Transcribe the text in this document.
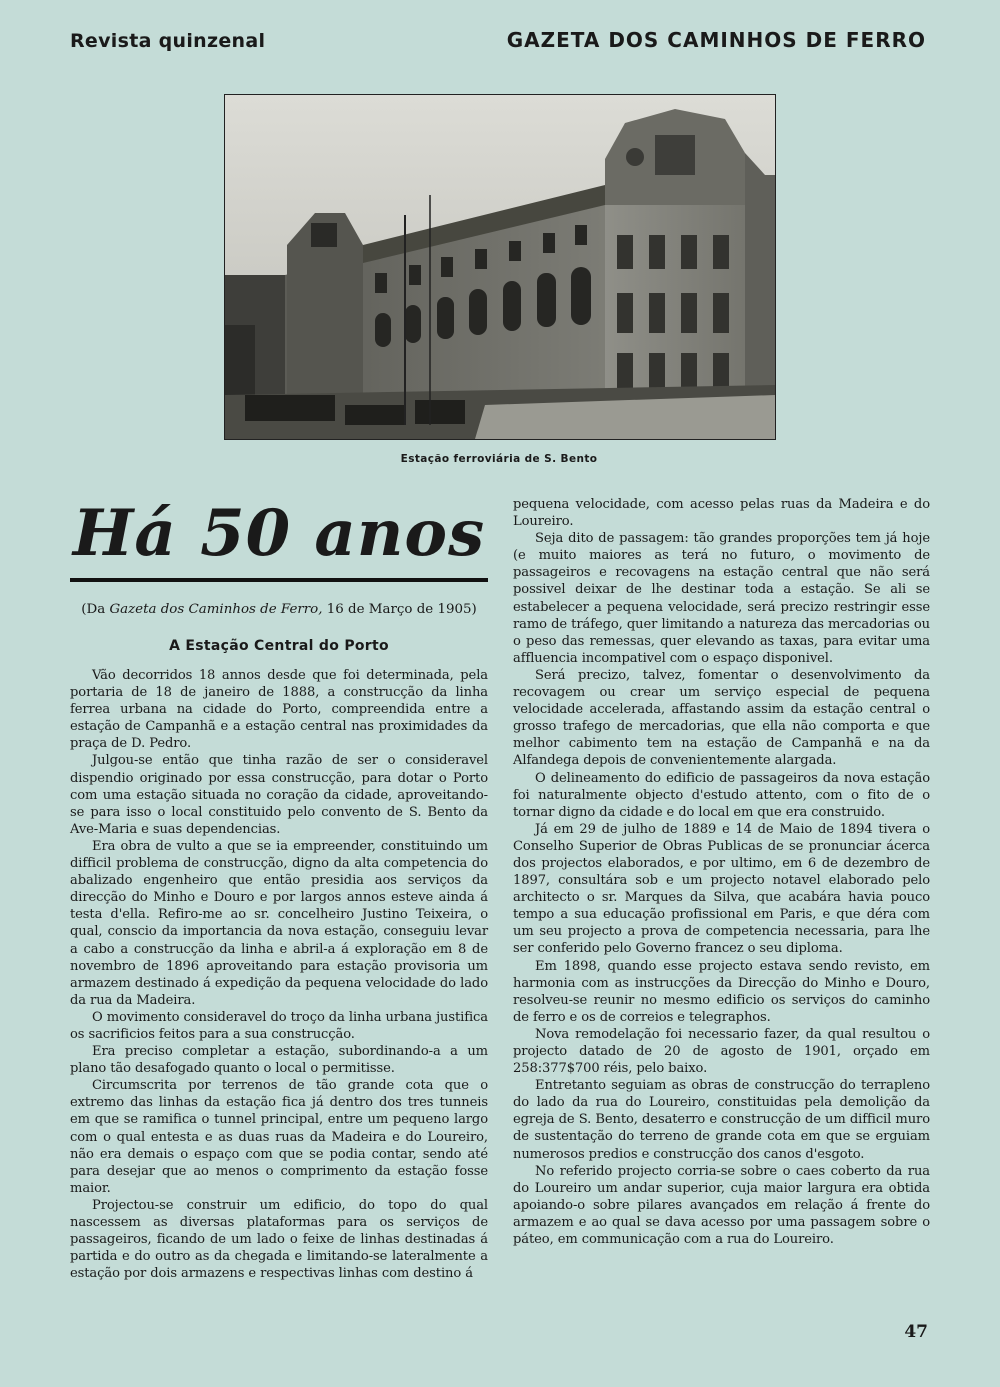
Revista quinzenal	GAZETA DOS CAMINHOS DE FERRO
Estação ferroviária de S. Bento
Há 50 anos
(Da Gazeta dos Caminhos de Ferro, 16 de Março de 1905)
A Estação Central do Porto

Vão decorridos 18 annos desde que foi determinada, pela portaria de 18 de janeiro de 1888, a construcção da linha ferrea urbana na cidade do Porto, compreendida entre a estação de Campanhã e a estação central nas proximidades da praça de D. Pedro.

Julgou-se então que tinha razão de ser o consideravel dispendio originado por essa construcção, para dotar o Porto com uma estação situada no coração da cidade, aproveitando-se para isso o local constituido pelo convento de S. Bento da Ave-Maria e suas dependencias.

Era obra de vulto a que se ia empreender, constituindo um difficil problema de construcção, digno da alta competencia do abalizado engenheiro que então presidia aos serviços da direcção do Minho e Douro e por largos annos esteve ainda á testa d'ella. Refiro-me ao sr. concelheiro Justino Teixeira, o qual, conscio da importancia da nova estação, conseguiu levar a cabo a construcção da linha e abril-a á exploração em 8 de novembro de 1896 aproveitando para estação provisoria um armazem destinado á expedição da pequena velocidade do lado da rua da Madeira.

O movimento consideravel do troço da linha urbana justifica os sacrificios feitos para a sua construcção.

Era preciso completar a estação, subordinando-a a um plano tão desafogado quanto o local o permitisse.

Circumscrita por terrenos de tão grande cota que o extremo das linhas da estação fica já dentro dos tres tunneis em que se ramifica o tunnel principal, entre um pequeno largo com o qual entesta e as duas ruas da Madeira e do Loureiro, não era demais o espaço com que se podia contar, sendo até para desejar que ao menos o comprimento da estação fosse maior.

Projectou-se construir um edificio, do topo do qual nascessem as diversas plataformas para os serviços de passageiros, ficando de um lado o feixe de linhas destinadas á partida e do outro as da chegada e limitando-se lateralmente a estação por dois armazens e respectivas linhas com destino á

pequena velocidade, com acesso pelas ruas da Madeira e do Loureiro.

Seja dito de passagem: tão grandes proporções tem já hoje (e muito maiores as terá no futuro, o movimento de passageiros e recovagens na estação central que não será possivel deixar de lhe destinar toda a estação. Se ali se estabelecer a pequena velocidade, será precizo restringir esse ramo de tráfego, quer limitando a natureza das mercadorias ou o peso das remessas, quer elevando as taxas, para evitar uma affluencia incompativel com o espaço disponivel.

Será precizo, talvez, fomentar o desenvolvimento da recovagem ou crear um serviço especial de pequena velocidade accelerada, affastando assim da estação central o grosso trafego de mercadorias, que ella não comporta e que melhor cabimento tem na estação de Campanhã e na da Alfandega depois de convenientemente alargada.

O delineamento do edificio de passageiros da nova estação foi naturalmente objecto d'estudo attento, com o fito de o tornar digno da cidade e do local em que era construido.

Já em 29 de julho de 1889 e 14 de Maio de 1894 tivera o Conselho Superior de Obras Publicas de se pronunciar ácerca dos projectos elaborados, e por ultimo, em 6 de dezembro de 1897, consultára sob e um projecto notavel elaborado pelo architecto o sr. Marques da Silva, que acabára havia pouco tempo a sua educação profissional em Paris, e que déra com um seu projecto a prova de competencia necessaria, para lhe ser conferido pelo Governo francez o seu diploma.

Em 1898, quando esse projecto estava sendo revisto, em harmonia com as instrucções da Direcção do Minho e Douro, resolveu-se reunir no mesmo edificio os serviços do caminho de ferro e os de correios e telegraphos.

Nova remodelação foi necessario fazer, da qual resultou o projecto datado de 20 de agosto de 1901, orçado em 258:377$700 réis, pelo baixo.

Entretanto seguiam as obras de construcção do terrapleno do lado da rua do Loureiro, constituidas pela demolição da egreja de S. Bento, desaterro e construcção de um difficil muro de sustentação do terreno de grande cota em que se erguiam numerosos predios e construcção dos canos d'esgoto.

No referido projecto corria-se sobre o caes coberto da rua do Loureiro um andar superior, cuja maior largura era obtida apoiando-o sobre pilares avançados em relação á frente do armazem e ao qual se dava acesso por uma passagem sobre o páteo, em communicação com a rua do Loureiro.

47
